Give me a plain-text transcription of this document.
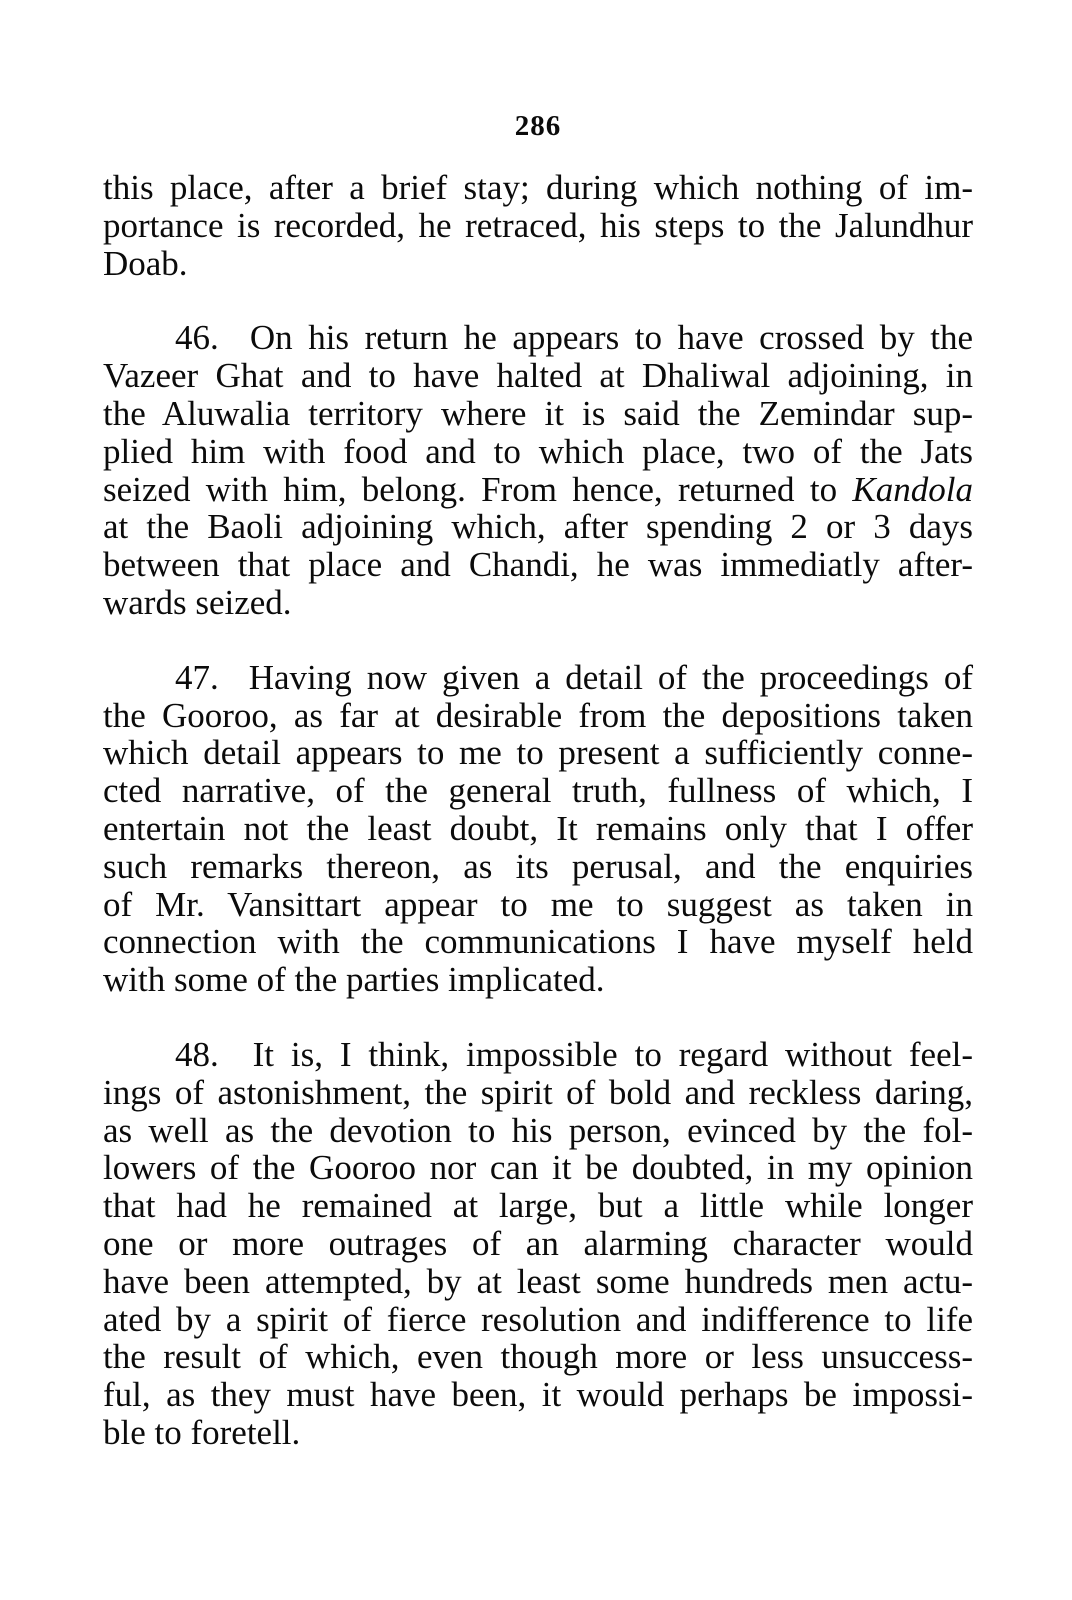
286
this place, after a brief stay; during which nothing of im-
portance is recorded, he retraced, his steps to the Jalundhur
Doab.
46. On his return he appears to have crossed by the
Vazeer Ghat and to have halted at Dhaliwal adjoining, in
the Aluwalia territory where it is said the Zemindar sup-
plied him with food and to which place, two of the Jats
seized with him, belong. From hence, returned to Kandola
at the Baoli adjoining which, after spending 2 or 3 days
between that place and Chandi, he was immediatly after-
wards seized.
47. Having now given a detail of the proceedings of
the Gooroo, as far at desirable from the depositions taken
which detail appears to me to present a sufficiently conne-
cted narrative, of the general truth, fullness of which, I
entertain not the least doubt, It remains only that I offer
such remarks thereon, as its perusal, and the enquiries
of Mr. Vansittart appear to me to suggest as taken in
connection with the communications I have myself held
with some of the parties implicated.
48. It is, I think, impossible to regard without feel-
ings of astonishment, the spirit of bold and reckless daring,
as well as the devotion to his person, evinced by the fol-
lowers of the Gooroo nor can it be doubted, in my opinion
that had he remained at large, but a little while longer
one or more outrages of an alarming character would
have been attempted, by at least some hundreds men actu-
ated by a spirit of fierce resolution and indifference to life
the result of which, even though more or less unsuccess-
ful, as they must have been, it would perhaps be impossi-
ble to foretell.
